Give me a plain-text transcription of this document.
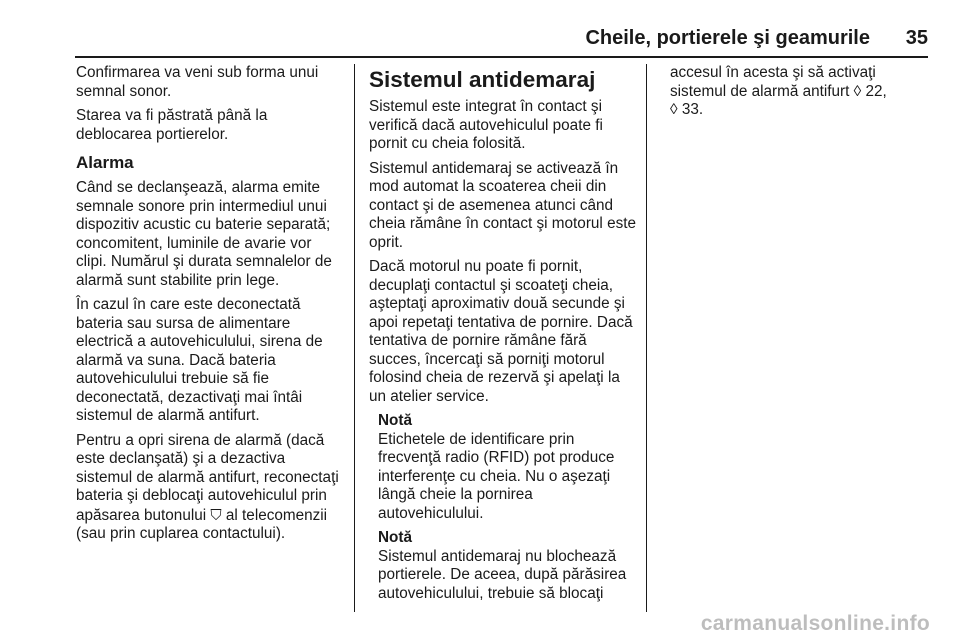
Cheile, portierele şi geamurile	35

Confirmarea va veni sub forma unui semnal sonor.

Starea va fi păstrată până la deblocarea portierelor.

Alarma

Când se declanşează, alarma emite semnale sonore prin intermediul unui dispozitiv acustic cu baterie separată; concomitent, luminile de avarie vor clipi. Numărul şi durata semnalelor de alarmă sunt stabilite prin lege.

În cazul în care este deconectată bateria sau sursa de alimentare electrică a autovehiculului, sirena de alarmă va suna. Dacă bateria autovehiculului trebuie să fie deconectată, dezactivaţi mai întâi sistemul de alarmă antifurt.

Pentru a opri sirena de alarmă (dacă este declanşată) şi a dezactiva sistemul de alarmă antifurt, reconectaţi bateria şi deblocaţi autovehiculul prin apăsarea butonului ⛉ al telecomenzii (sau prin cuplarea contactului).

Sistemul antidemaraj

Sistemul este integrat în contact şi verifică dacă autovehiculul poate fi pornit cu cheia folosită.

Sistemul antidemaraj se activează în mod automat la scoaterea cheii din contact şi de asemenea atunci când cheia rămâne în contact şi motorul este oprit.

Dacă motorul nu poate fi pornit, decuplaţi contactul şi scoateţi cheia, aşteptaţi aproximativ două secunde şi apoi repetaţi tentativa de pornire. Dacă tentativa de pornire rămâne fără succes, încercaţi să porniţi motorul folosind cheia de rezervă şi apelaţi la un atelier service.

Notă

Etichetele de identificare prin frecvenţă radio (RFID) pot produce interferenţe cu cheia. Nu o aşezaţi lângă cheie la pornirea autovehiculului.

Notă

Sistemul antidemaraj nu blochează portierele. De aceea, după părăsirea autovehiculului, trebuie să blocaţi

accesul în acesta şi să activaţi sistemul de alarmă antifurt ◊ 22,
◊ 33.

carmanualsonline.info
